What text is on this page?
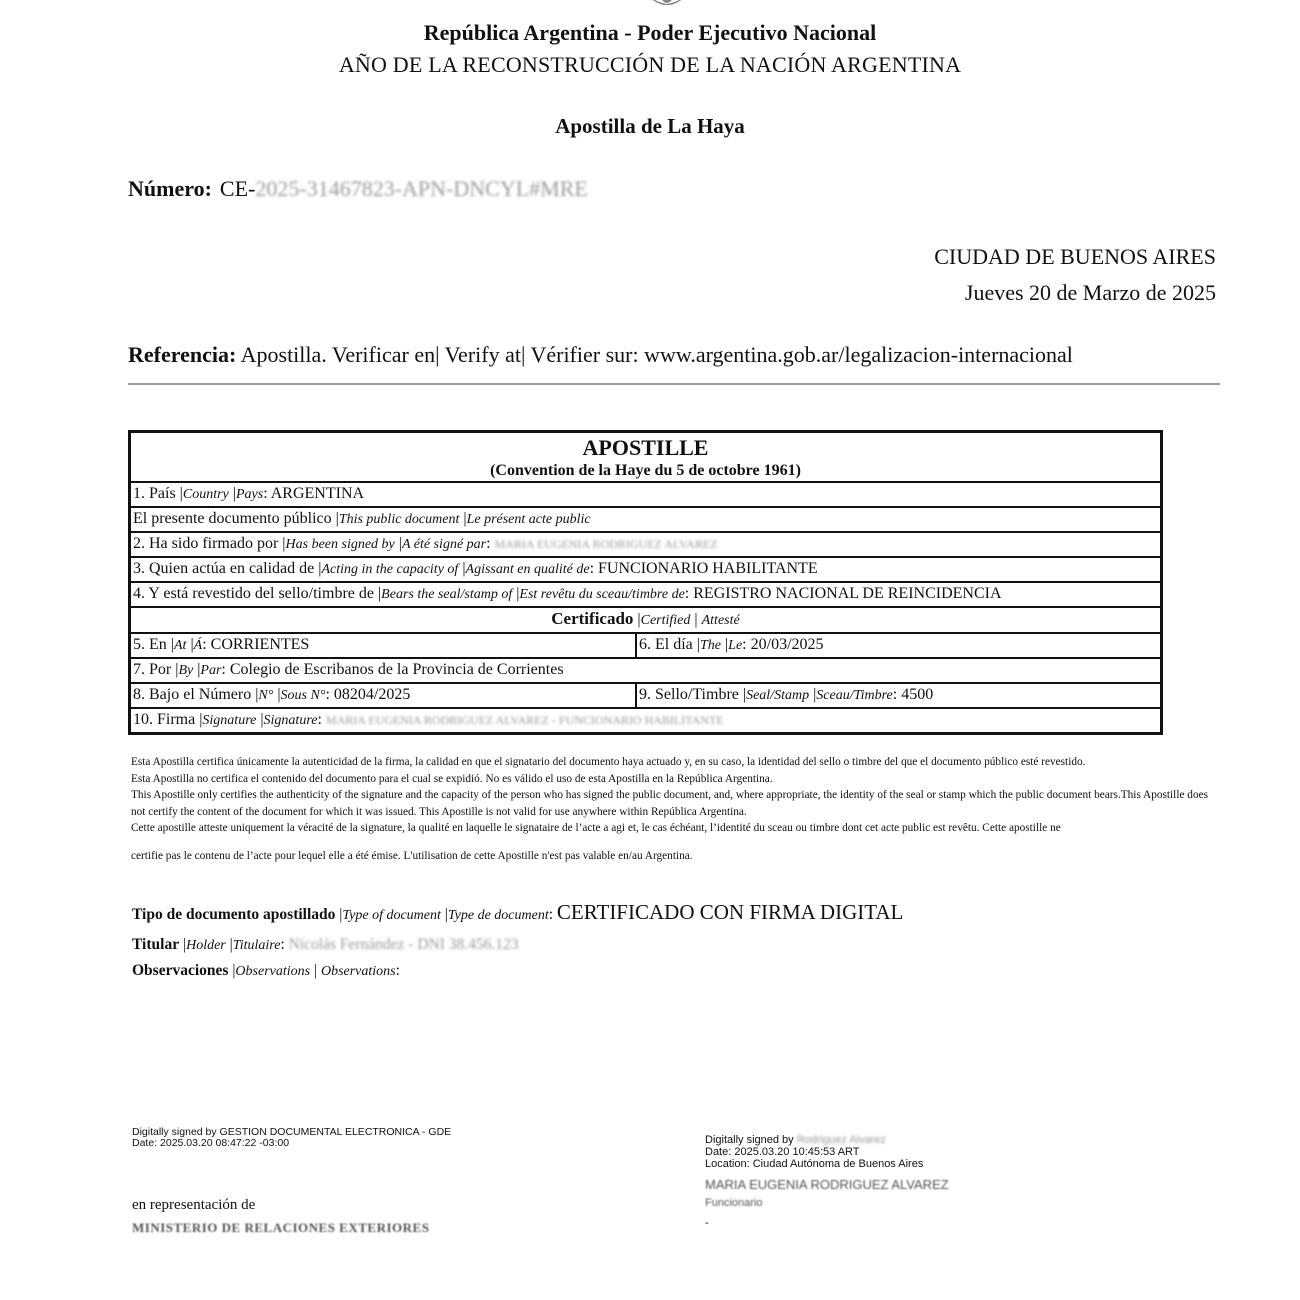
República Argentina - Poder Ejecutivo Nacional
AÑO DE LA RECONSTRUCCIÓN DE LA NACIÓN ARGENTINA
Apostilla de La Haya
Número: CE-2025-31467823-APN-DNCYL#MRE
CIUDAD DE BUENOS AIRES
Jueves 20 de Marzo de 2025
Referencia: Apostilla. Verificar en| Verify at| Vérifier sur: www.argentina.gob.ar/legalizacion-internacional
APOSTILLE
(Convention de la Haye du 5 de octobre 1961)	

1. País |Country |Pays: ARGENTINA	
El presente documento público |This public document |Le présent acte public	
2. Ha sido firmado por |Has been signed by |A été signé par: MARIA EUGENIA RODRIGUEZ ALVAREZ	
3. Quien actúa en calidad de |Acting in the capacity of |Agissant en qualité de: FUNCIONARIO HABILITANTE	
4. Y está revestido del sello/timbre de |Bears the seal/stamp of |Est revêtu du sceau/timbre de: REGISTRO NACIONAL DE REINCIDENCIA	
Certificado |Certified | Attesté	
5. En |At |Á: CORRIENTES	6. El día |The |Le: 20/03/2025
7. Por |By |Par: Colegio de Escribanos de la Provincia de Corrientes	
8. Bajo el Número |N° |Sous N°: 08204/2025	9. Sello/Timbre |Seal/Stamp |Sceau/Timbre: 4500
10. Firma |Signature |Signature: MARIA EUGENIA RODRIGUEZ ALVAREZ - FUNCIONARIO HABILITANTE	

Esta Apostilla certifica únicamente la autenticidad de la firma, la calidad en que el signatario del documento haya actuado y, en su caso, la identidad del sello o timbre del que el documento público esté revestido.

Esta Apostilla no certifica el contenido del documento para el cual se expidió. No es válido el uso de esta Apostilla en la República Argentina.

This Apostille only certifies the authenticity of the signature and the capacity of the person who has signed the public document, and, where appropriate, the identity of the seal or stamp which the public document bears.This Apostille does not certify the content of the document for which it was issued. This Apostille is not valid for use anywhere within República Argentina.

Cette apostille atteste uniquement la véracité de la signature, la qualité en laquelle le signataire de l’acte a agi et, le cas échéant, l’identité du sceau ou timbre dont cet acte public est revêtu. Cette apostille ne

certifie pas le contenu de l’acte pour lequel elle a été émise. L'utilisation de cette Apostille n'est pas valable en/au Argentina.

Tipo de documento apostillado |Type of document |Type de document: CERTIFICADO CON FIRMA DIGITAL
Titular |Holder |Titulaire: Nicolás Fernández - DNI 38.456.123
Observaciones |Observations | Observations:
Digitally signed by GESTION DOCUMENTAL ELECTRONICA - GDE
Date: 2025.03.20 08:47:22 -03:00	Digitally signed by Rodriguez Alvarez
Date: 2025.03.20 10:45:53 ART
Location: Ciudad Autónoma de Buenos Aires
MARIA EUGENIA RODRIGUEZ ALVAREZ
Funcionario
-
en representación de
MINISTERIO DE RELACIONES EXTERIORES
